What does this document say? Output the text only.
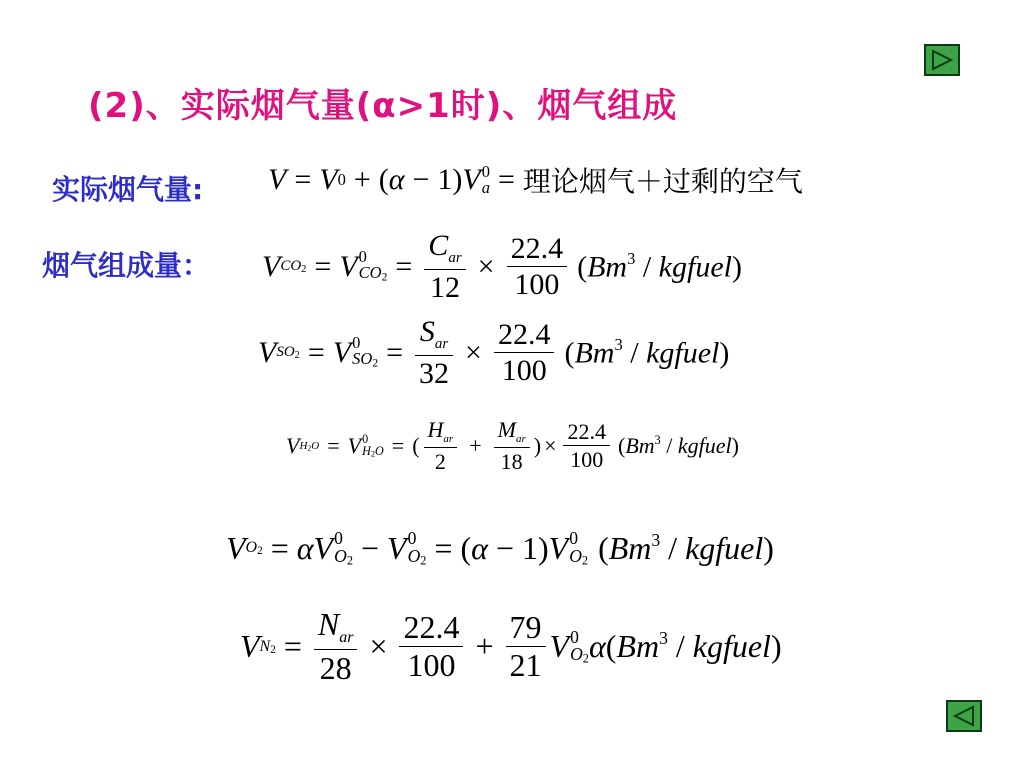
(2)、实际烟气量(α>1时)、烟气组成
实际烟气量: V = V 0 + ( α − 1) V 0
a = 理论烟气＋过剩的空气
烟气组成量： V CO2 = V 0
$CO2 = \frac{C_{ar}}{12} \times \frac{22.4}{100} (Bm^3$ / kgfuel)
V SO2 = V 0
$SO2 = \frac{S_{ar}}{32} \times \frac{22.4}{100} (Bm^3$ / kgfuel)
V H2O = V 0
H2O = ( $\frac{H_{ar}}{2} + \frac{M_{ar}}{18}$ ) × $\frac{22.4}{100} (Bm^3$ / kgfuel)
V O2 = αV 0
O2 − V 0
O2 = ( α − 1) V 0
O2 (Bm$^3$ / kgfuel)
V $N2 = \frac{N_{ar}}{28} \times \frac{22.4}{100} + \frac{79}{21}$ V 0
O2 α (Bm$^3$ / kgfuel)
